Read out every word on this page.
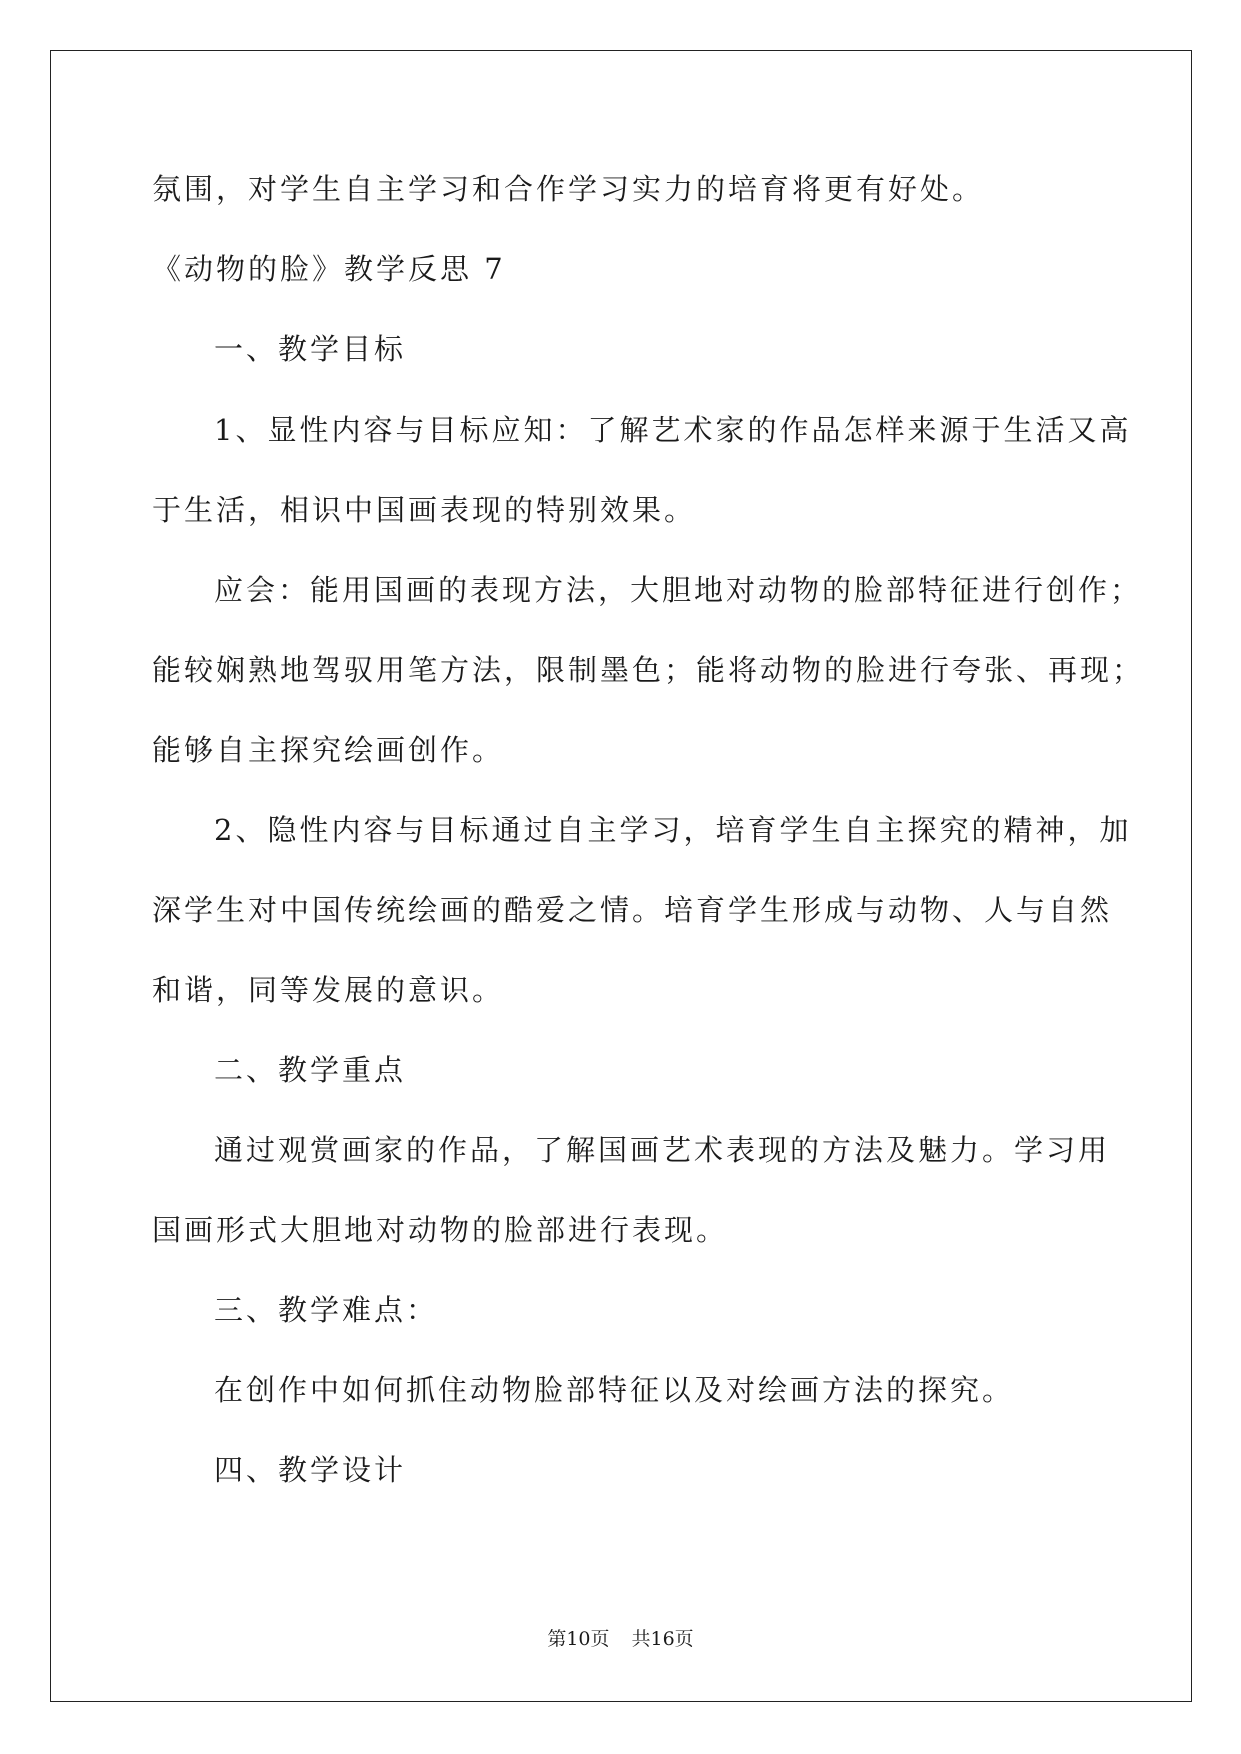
氛围，对学生自主学习和合作学习实力的培育将更有好处。
《动物的脸》教学反思 7
一、教学目标
1、显性内容与目标应知：了解艺术家的作品怎样来源于生活又高
于生活，相识中国画表现的特别效果。
应会：能用国画的表现方法，大胆地对动物的脸部特征进行创作；
能较娴熟地驾驭用笔方法，限制墨色；能将动物的脸进行夸张、再现；
能够自主探究绘画创作。
2、隐性内容与目标通过自主学习，培育学生自主探究的精神，加
深学生对中国传统绘画的酷爱之情。培育学生形成与动物、人与自然
和谐，同等发展的意识。
二、教学重点
通过观赏画家的作品，了解国画艺术表现的方法及魅力。学习用
国画形式大胆地对动物的脸部进行表现。
三、教学难点：
在创作中如何抓住动物脸部特征以及对绘画方法的探究。
四、教学设计
第10页 共16页
